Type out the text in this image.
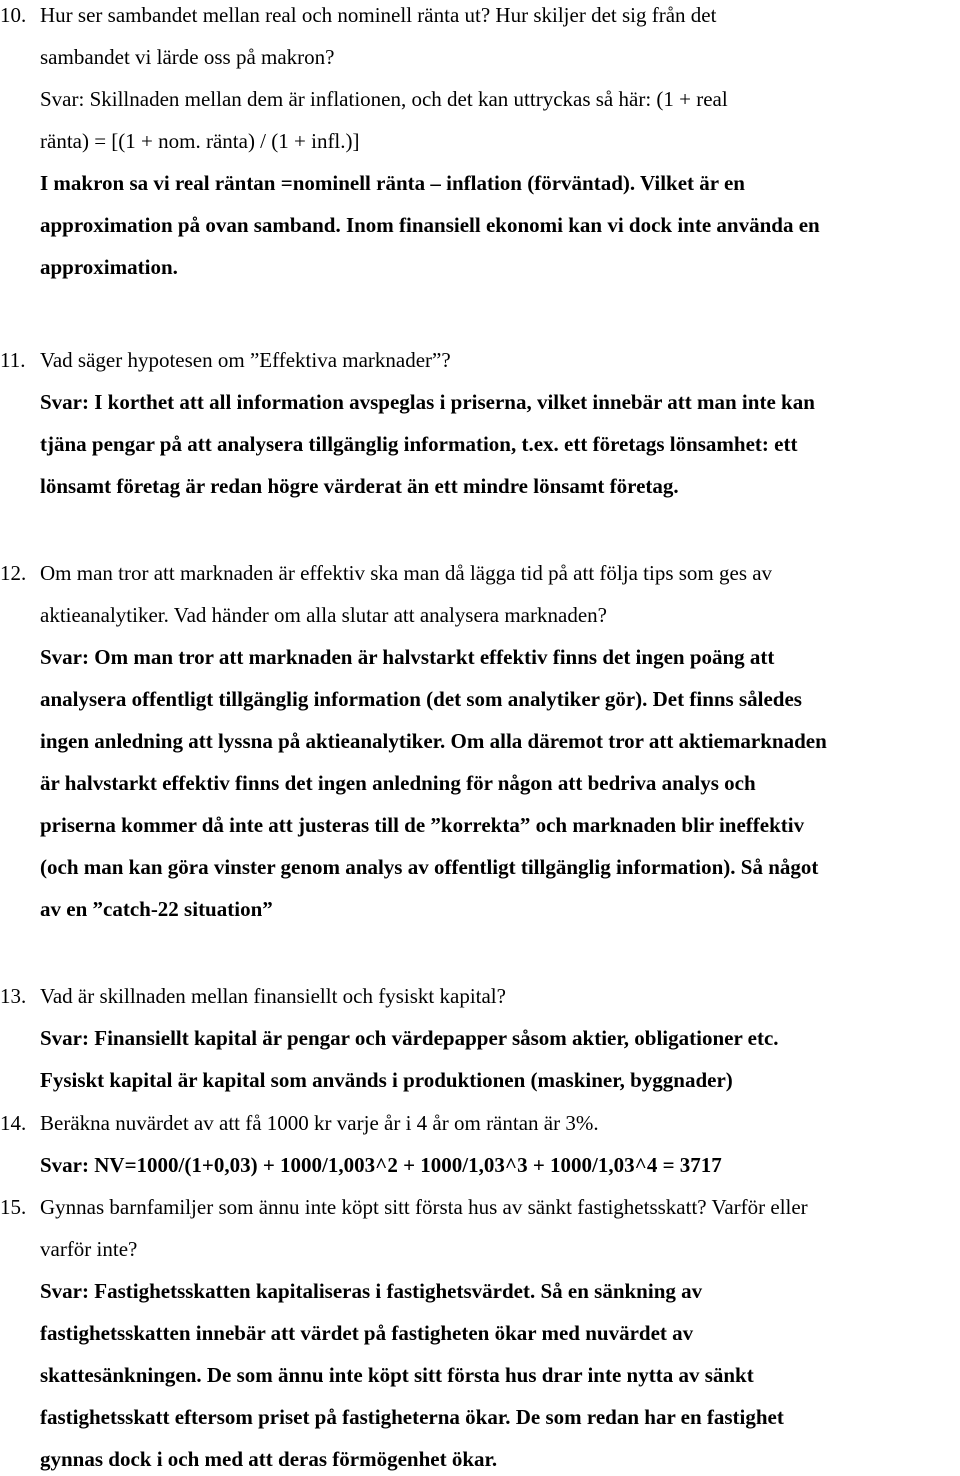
10. Hur ser sambandet mellan real och nominell ränta ut? Hur skiljer det sig från det

sambandet vi lärde oss på makron?

Svar: Skillnaden mellan dem är inflationen, och det kan uttryckas så här: (1 + real

ränta) = [(1 + nom. ränta) / (1 + infl.)]

I makron sa vi real räntan =nominell ränta – inflation (förväntad). Vilket är en

approximation på ovan samband. Inom finansiell ekonomi kan vi dock inte använda en

approximation.

11. Vad säger hypotesen om ”Effektiva marknader”?

Svar: I korthet att all information avspeglas i priserna, vilket innebär att man inte kan

tjäna pengar på att analysera tillgänglig information, t.ex. ett företags lönsamhet: ett

lönsamt företag är redan högre värderat än ett mindre lönsamt företag.

12. Om man tror att marknaden är effektiv ska man då lägga tid på att följa tips som ges av

aktieanalytiker. Vad händer om alla slutar att analysera marknaden?

Svar: Om man tror att marknaden är halvstarkt effektiv finns det ingen poäng att

analysera offentligt tillgänglig information (det som analytiker gör). Det finns således

ingen anledning att lyssna på aktieanalytiker. Om alla däremot tror att aktiemarknaden

är halvstarkt effektiv finns det ingen anledning för någon att bedriva analys och

priserna kommer då inte att justeras till de ”korrekta” och marknaden blir ineffektiv

(och man kan göra vinster genom analys av offentligt tillgänglig information). Så något

av en ”catch-22 situation”

13. Vad är skillnaden mellan finansiellt och fysiskt kapital?

Svar: Finansiellt kapital är pengar och värdepapper såsom aktier, obligationer etc.

Fysiskt kapital är kapital som används i produktionen (maskiner, byggnader)

14. Beräkna nuvärdet av att få 1000 kr varje år i 4 år om räntan är 3%.

Svar: NV=1000/(1+0,03) + 1000/1,003^2 + 1000/1,03^3 + 1000/1,03^4 = 3717

15. Gynnas barnfamiljer som ännu inte köpt sitt första hus av sänkt fastighetsskatt? Varför eller

varför inte?

Svar: Fastighetsskatten kapitaliseras i fastighetsvärdet. Så en sänkning av

fastighetsskatten innebär att värdet på fastigheten ökar med nuvärdet av

skattesänkningen. De som ännu inte köpt sitt första hus drar inte nytta av sänkt

fastighetsskatt eftersom priset på fastigheterna ökar. De som redan har en fastighet

gynnas dock i och med att deras förmögenhet ökar.
